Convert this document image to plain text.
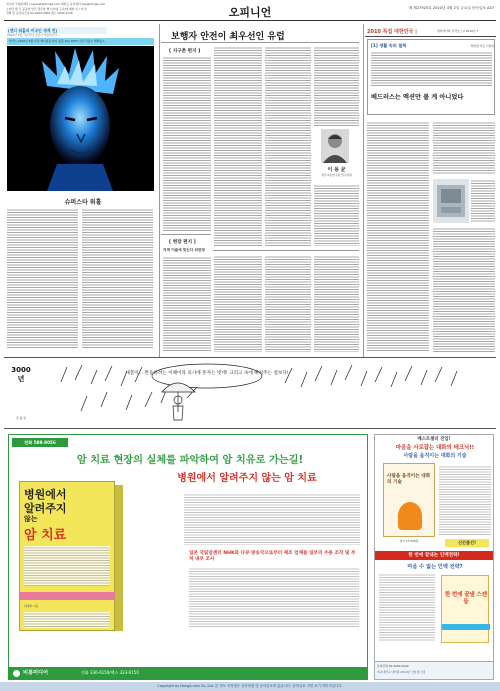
자유한 국제문화부 nopolvet@donga.com 제한도 독자센터 hee@donga.com
소한덕 발 간 공공마 한진 경우한 해 이사매 구독/매 제한 이 / 마 수
전화 및 공유하신다 02-2020-0000 팩스 2020-1130	오피니언	제 제27925호 2010년 4월 2일 금요일 동아일보 A37
[앤디 워홀의 미국인 세계 전]
2010년 4월 덕유산하 서울시 예술의전당 ~
악넥스 2010년 4월 미국 앤디워홀 앤디 워홀 20x 2005 소장 서울시 매해를 1
슈퍼스타 워홀
보행자 안전이 최우선인 유럽
[ 지구촌 편지 ]
이 용 균
한국교통연구원 연구위원
[ 현장 편지 ]
지역 이름에 맞는다 외판장
2010 특집 대한민국 |	대학에서의 전략보스 2 2010년 7
[1] 생활 속의 철학	박한철 작은 기업대
베드러스는 엑션만 볼 게 아니었다
3000년
장 광 현
새봄이... 완동하려는 이때이라 의사에 혼자는 벗데! 크리고 속에 빠져주는 걸보다!
전화 588-8056
암 치료 현장의 실체를 파악하여 암 치유로 가는길!
병원에서 알려주지 않는 암 치료
병원에서
알려주지
않는
암 치료
최정화 지음
일본 국립암센터 NHK와 다큐 방송국으로부터 제조 업체들 일부의 수용 조작 및 부처 내부 조사
비룡미디어	전화 336-6150/팩스 323-6150
베스트셀러 진입!
마음을 사로잡는 대화의 테크닉!!
사람을 움직이는 대화의 기술
사람을 움직이는 대화의 기술
정가 17,000원	신간출간!
한 번에 끝내는 인맥전략!
마음 수 없는 인맥 전략?
한 번에 끝낼 스캔들
문의전화 02-0000-0000
대교대학교 대학원 2010년 신입생 모집
Copyright by DongA.com Co.,Ltd. 본 정보 저작권은 동아닷컴 및 동아일보에 있습니다. 동아일보 지면 보기 이미지입니다.
